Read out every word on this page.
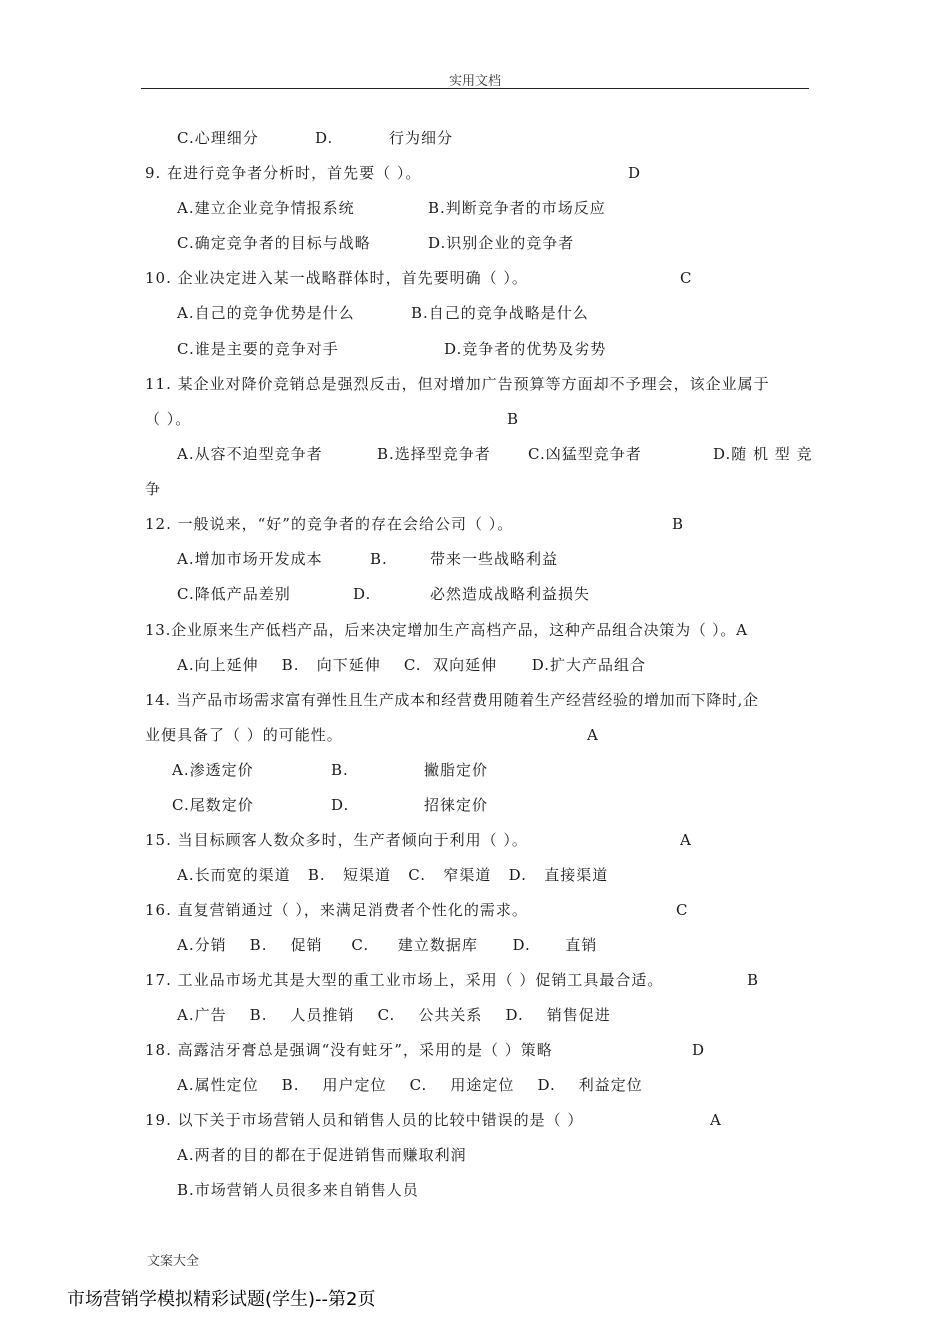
实用文档
C.心理细分	D.	行为细分
9. 在进行竞争者分析时，首先要（ ）。	D
A.建立企业竞争情报系统	B.判断竞争者的市场反应
C.确定竞争者的目标与战略	D.识别企业的竞争者
10. 企业决定进入某一战略群体时，首先要明确（ ）。	C
A.自己的竞争优势是什么	B.自己的竞争战略是什么
C.谁是主要的竞争对手	D.竞争者的优势及劣势
11. 某企业对降价竞销总是强烈反击，但对增加广告预算等方面却不予理会，该企业属于
（ ）。	B
A.从容不迫型竞争者	B.选择型竞争者 C.凶猛型竞争者	D.随 机 型 竞
争
12. 一般说来，“好”的竞争者的存在会给公司（ ）。	B
A.增加市场开发成本	B.	带来一些战略利益
C.降低产品差别	D.	必然造成战略利益损失
13.企业原来生产低档产品，后来决定增加生产高档产品，这种产品组合决策为（ ）。A
A.向上延伸    B.   向下延伸    C.  双向延伸      D.扩大产品组合
14. 当产品市场需求富有弹性且生产成本和经营费用随着生产经营经验的增加而下降时,企
业便具备了（ ）的可能性。	A
A.渗透定价	B.	撇脂定价
C.尾数定价	D.	招徕定价
15. 当目标顾客人数众多时，生产者倾向于利用（ ）。	A
A.长而宽的渠道   B.   短渠道   C.   窄渠道   D.   直接渠道
16. 直复营销通过（ ），来满足消费者个性化的需求。	C
A.分销    B.    促销     C.     建立数据库      D.      直销
17. 工业品市场尤其是大型的重工业市场上，采用（ ）促销工具最合适。	B
A.广告    B.    人员推销    C.    公共关系    D.    销售促进
18. 高露洁牙膏总是强调“没有蛀牙”，采用的是（ ）策略	D
A.属性定位    B.    用户定位    C.    用途定位    D.    利益定位
19. 以下关于市场营销人员和销售人员的比较中错误的是（ ）	A
A.两者的目的都在于促进销售而赚取利润
B.市场营销人员很多来自销售人员
文案大全
市场营销学模拟精彩试题(学生)--第2页
